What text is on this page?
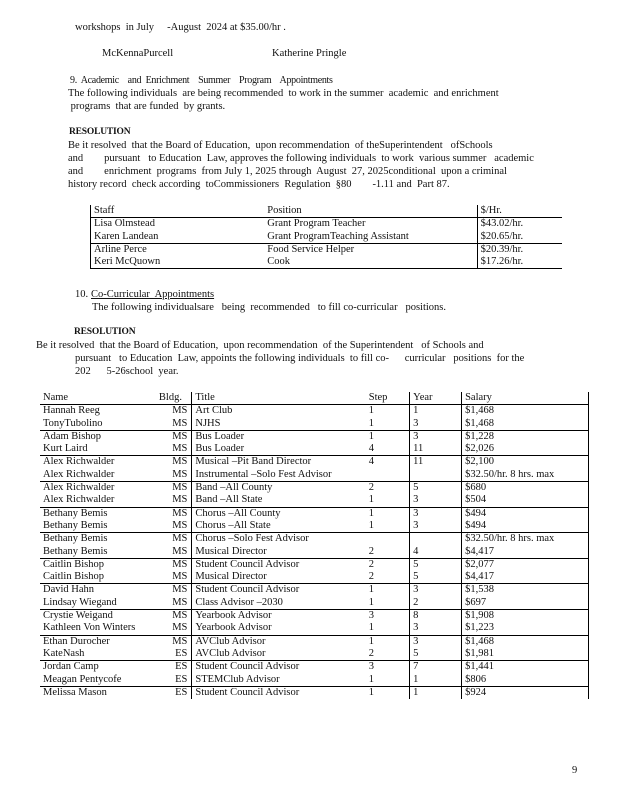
workshops  in July     -August  2024 at $35.00/hr .
McKennaPurcell	Katherine Pringle
9.  Academic    and  Enrichment    Summer    Program    Appointments
The following individuals  are being recommended  to work in the summer  academic  and enrichment
programs  that are funded  by grants.
RESOLUTION
Be it resolved  that the Board of Education,  upon recommendation  of theSuperintendent   ofSchools
and        pursuant   to Education  Law, approves the following individuals  to work  various summer   academic
and        enrichment  programs  from July 1, 2025 through  August  27, 2025conditional  upon a criminal
history record  check according  toCommissioners  Regulation  §80        -1.11 and  Part 87.
Staff	Position	$/Hr.
Lisa Olmstead	Grant Program Teacher	$43.02/hr.
Karen Landean	Grant ProgramTeaching Assistant	$20.65/hr.
Arline Perce	Food Service Helper	$20.39/hr.
Keri McQuown	Cook	$17.26/hr.
10. Co-Curricular  Appointments
The following individualsare   being  recommended   to fill co-curricular   positions.
RESOLUTION
Be it resolved  that the Board of Education,  upon recommendation  of the Superintendent   of Schools and
pursuant   to Education  Law, appoints the following individuals  to fill co-      curricular   positions  for the
202      5-26school  year.
Name	Bldg.	Title	Step	Year	Salary
Hannah Reeg	MS	Art Club	1	1	$1,468
TonyTubolino	MS	NJHS	1	3	$1,468
Adam Bishop	MS	Bus Loader	1	3	$1,228
Kurt Laird	MS	Bus Loader	4	11	$2,026
Alex Richwalder	MS	Musical –Pit Band Director	4	11	$2,100
Alex Richwalder	MS	Instrumental –Solo Fest Advisor			$32.50/hr. 8 hrs. max
Alex Richwalder	MS	Band –All County	2	5	$680
Alex Richwalder	MS	Band –All State	1	3	$504
Bethany Bemis	MS	Chorus –All County	1	3	$494
Bethany Bemis	MS	Chorus –All State	1	3	$494
Bethany Bemis	MS	Chorus –Solo Fest Advisor			$32.50/hr. 8 hrs. max
Bethany Bemis	MS	Musical Director	2	4	$4,417
Caitlin Bishop	MS	Student Council Advisor	2	5	$2,077
Caitlin Bishop	MS	Musical Director	2	5	$4,417
David Hahn	MS	Student Council Advisor	1	3	$1,538
Lindsay Wiegand	MS	Class Advisor –2030	1	2	$697
Crystie Weigand	MS	Yearbook Advisor	3	8	$1,908
Kathleen Von Winters	MS	Yearbook Advisor	1	3	$1,223
Ethan Durocher	MS	AVClub Advisor	1	3	$1,468
KateNash	ES	AVClub Advisor	2	5	$1,981
Jordan Camp	ES	Student Council Advisor	3	7	$1,441
Meagan Pentycofe	ES	STEMClub Advisor	1	1	$806
Melissa Mason	ES	Student Council Advisor	1	1	$924
9
